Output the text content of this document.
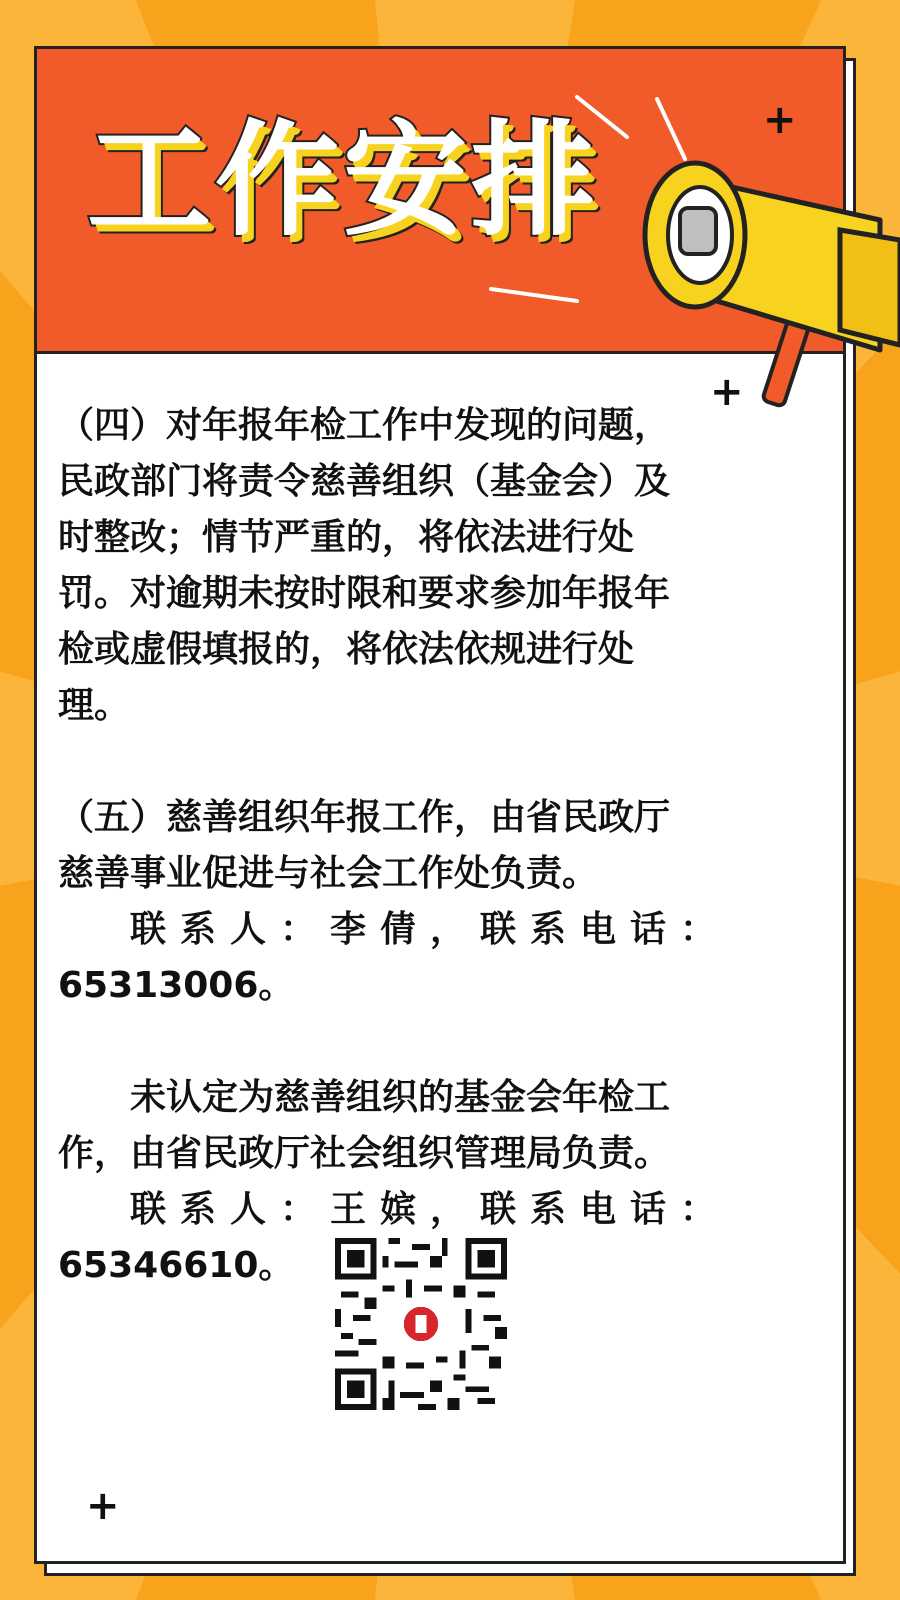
工作安排	+
+
+

（四）对年报年检工作中发现的问题，

民政部门将责令慈善组织（基金会）及

时整改；情节严重的，将依法进行处

罚。对逾期未按时限和要求参加年报年

检或虚假填报的，将依法依规进行处

理。

（五）慈善组织年报工作，由省民政厅

慈善事业促进与社会工作处负责。

联系人：李倩，联系电话：

65313006。

未认定为慈善组织的基金会年检工

作，由省民政厅社会组织管理局负责。

联系人：王嫔，联系电话：

65346610。
